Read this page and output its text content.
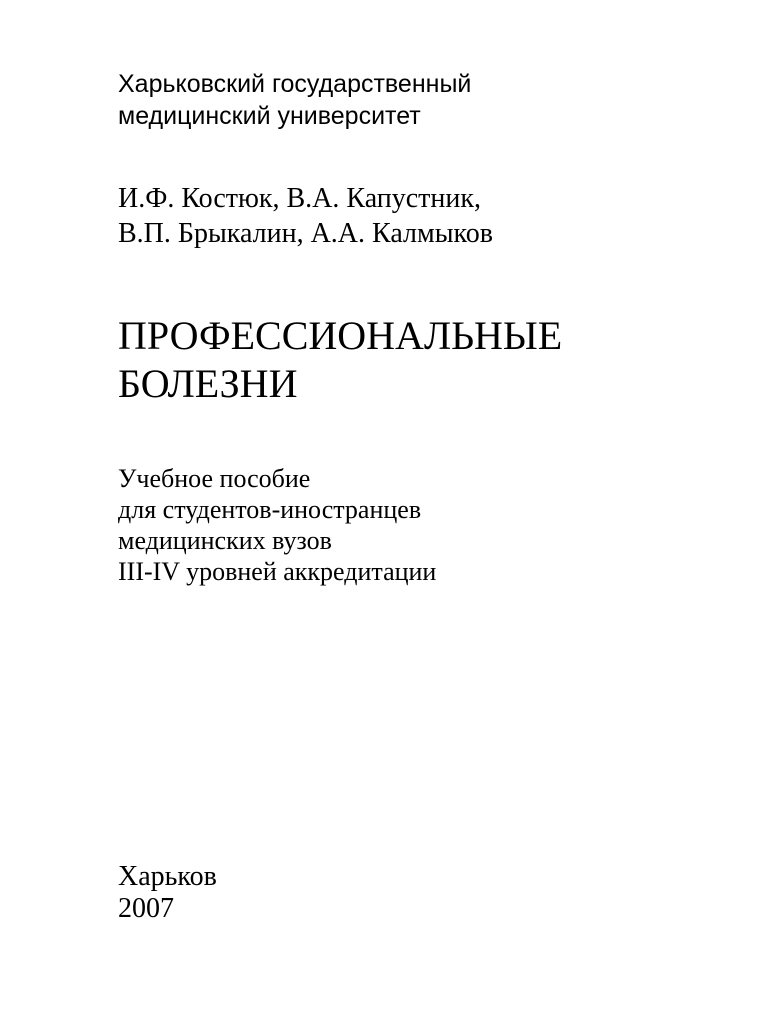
Харьковский государственный

медицинский университет

И.Ф. Костюк, В.А. Капустник,

В.П. Брыкалин, А.А. Калмыков

ПРОФЕССИОНАЛЬНЫЕ

БОЛЕЗНИ

Учебное пособие

для студентов-иностранцев

медицинских вузов

III-IV уровней аккредитации

Харьков

2007
